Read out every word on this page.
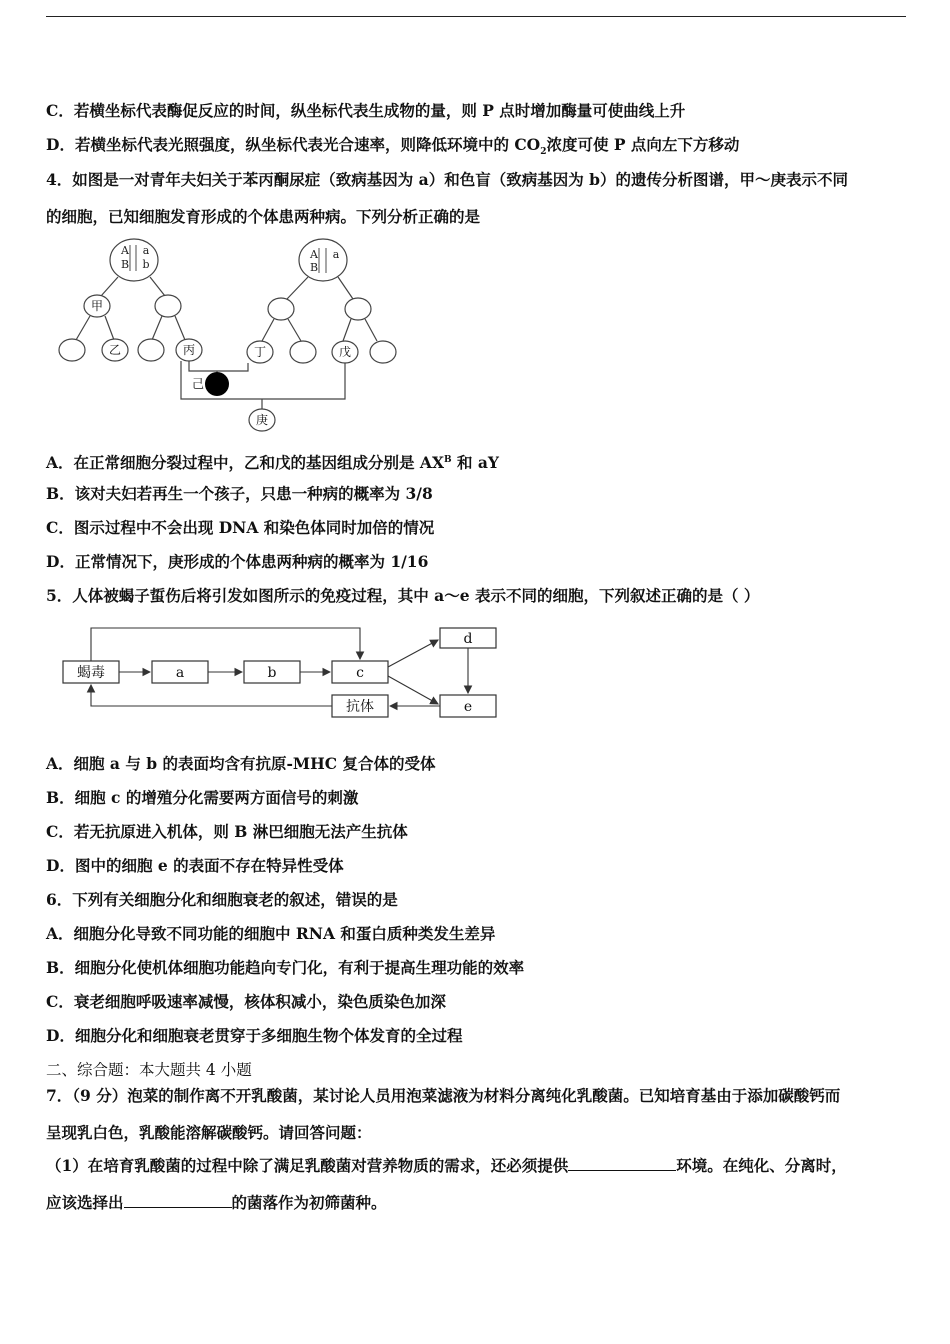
C．若横坐标代表酶促反应的时间，纵坐标代表生成物的量，则 P 点时增加酶量可使曲线上升
D．若横坐标代表光照强度，纵坐标代表光合速率，则降低环境中的 $CO_2$浓度可使 P 点向左下方移动
4．如图是一对青年夫妇关于苯丙酮尿症（致病基因为 a）和色盲（致病基因为 b）的遗传分析图谱，甲～庚表示不同
的细胞，已知细胞发育形成的个体患两种病。下列分析正确的是
A a
B b
A a
B
甲
乙	丙	丁	戊
己
庚
A．在正常细胞分裂过程中，乙和戊的基因组成分别是 $AX^B$ 和 aY
B．该对夫妇若再生一个孩子，只患一种病的概率为 3/8
C．图示过程中不会出现 DNA 和染色体同时加倍的情况
D．正常情况下，庚形成的个体患两种病的概率为 1/16
5．人体被蝎子蜇伤后将引发如图所示的免疫过程，其中 a～e 表示不同的细胞，下列叙述正确的是（ ）
蝎毒	a	b	c
d
e
抗体
A．细胞 a 与 b 的表面均含有抗原-MHC 复合体的受体
B．细胞 c 的增殖分化需要两方面信号的刺激
C．若无抗原进入机体，则 B 淋巴细胞无法产生抗体
D．图中的细胞 e 的表面不存在特异性受体
6．下列有关细胞分化和细胞衰老的叙述，错误的是
A．细胞分化导致不同功能的细胞中 RNA 和蛋白质种类发生差异
B．细胞分化使机体细胞功能趋向专门化，有利于提高生理功能的效率
C．衰老细胞呼吸速率减慢，核体积减小，染色质染色加深
D．细胞分化和细胞衰老贯穿于多细胞生物个体发育的全过程
二、综合题：本大题共 4 小题
7．（9 分）泡菜的制作离不开乳酸菌，某讨论人员用泡菜滤液为材料分离纯化乳酸菌。已知培育基由于添加碳酸钙而
呈现乳白色，乳酸能溶解碳酸钙。请回答问题：
（1）在培育乳酸菌的过程中除了满足乳酸菌对营养物质的需求，还必须提供	环境。在纯化、分离时，
应该选择出	的菌落作为初筛菌种。
